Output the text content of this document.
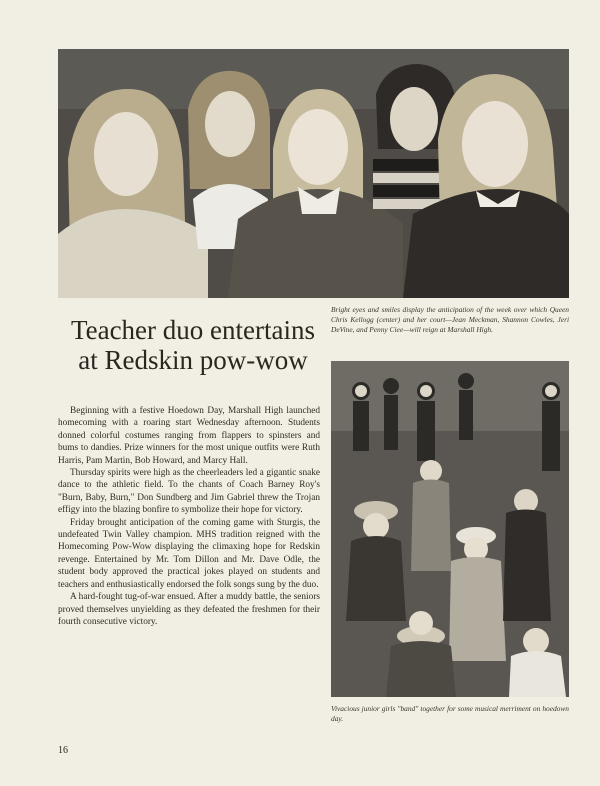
Bright eyes and smiles display the anticipation of the week over which Queen Chris Kellogg (center) and her court—Jean Meckman, Shannon Cowles, Jeri DeVine, and Penny Ciee—will reign at Marshall High.

Teacher duo entertains
at Redskin pow-wow

Beginning with a festive Hoedown Day, Marshall High launched homecoming with a roaring start Wednesday afternoon. Students donned colorful costumes ranging from flappers to spinsters and bums to dandies. Prize winners for the most unique outfits were Ruth Harris, Pam Martin, Bob Howard, and Marcy Hall.

Thursday spirits were high as the cheerleaders led a gigantic snake dance to the athletic field. To the chants of Coach Barney Roy's "Burn, Baby, Burn," Don Sundberg and Jim Gabriel threw the Trojan effigy into the blazing bonfire to symbolize their hope for victory.

Friday brought anticipation of the coming game with Sturgis, the undefeated Twin Valley champion. MHS tradition reigned with the Homecoming Pow-Wow displaying the climaxing hope for Redskin revenge. Entertained by Mr. Tom Dillon and Mr. Dave Odle, the student body approved the practical jokes played on students and teachers and enthusiastically endorsed the folk songs sung by the duo.

A hard-fought tug-of-war ensued. After a muddy battle, the seniors proved themselves unyielding as they defeated the freshmen for their fourth consecutive victory.

Vivacious junior girls "band" together for some musical merriment on hoedown day.

16
